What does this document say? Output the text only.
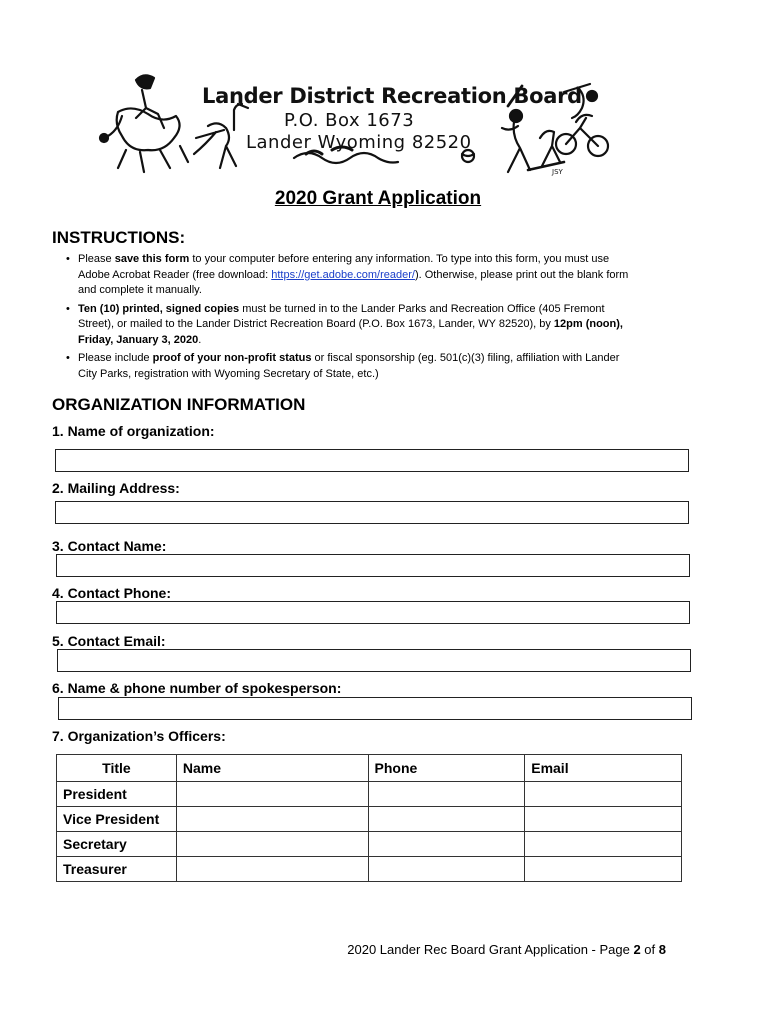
JSY
Lander District Recreation Board
P.O. Box 1673
Lander Wyoming 82520
2020 Grant Application
INSTRUCTIONS:
• Please save this form to your computer before entering any information. To type into this form, you must use Adobe Acrobat Reader (free download: https://get.adobe.com/reader/). Otherwise, please print out the blank form and complete it manually.
• Ten (10) printed, signed copies must be turned in to the Lander Parks and Recreation Office (405 Fremont Street), or mailed to the Lander District Recreation Board (P.O. Box 1673, Lander, WY 82520), by 12pm (noon), Friday, January 3, 2020.
• Please include proof of your non-profit status or fiscal sponsorship (eg. 501(c)(3) filing, affiliation with Lander City Parks, registration with Wyoming Secretary of State, etc.)
ORGANIZATION INFORMATION
1. Name of organization:
2. Mailing Address:
3. Contact Name:
4. Contact Phone:
5. Contact Email:
6. Name & phone number of spokesperson:
7. Organization’s Officers:
Title	Name	Phone	Email
President			
Vice President			
Secretary			
Treasurer			
2020 Lander Rec Board Grant Application - Page 2 of 8
